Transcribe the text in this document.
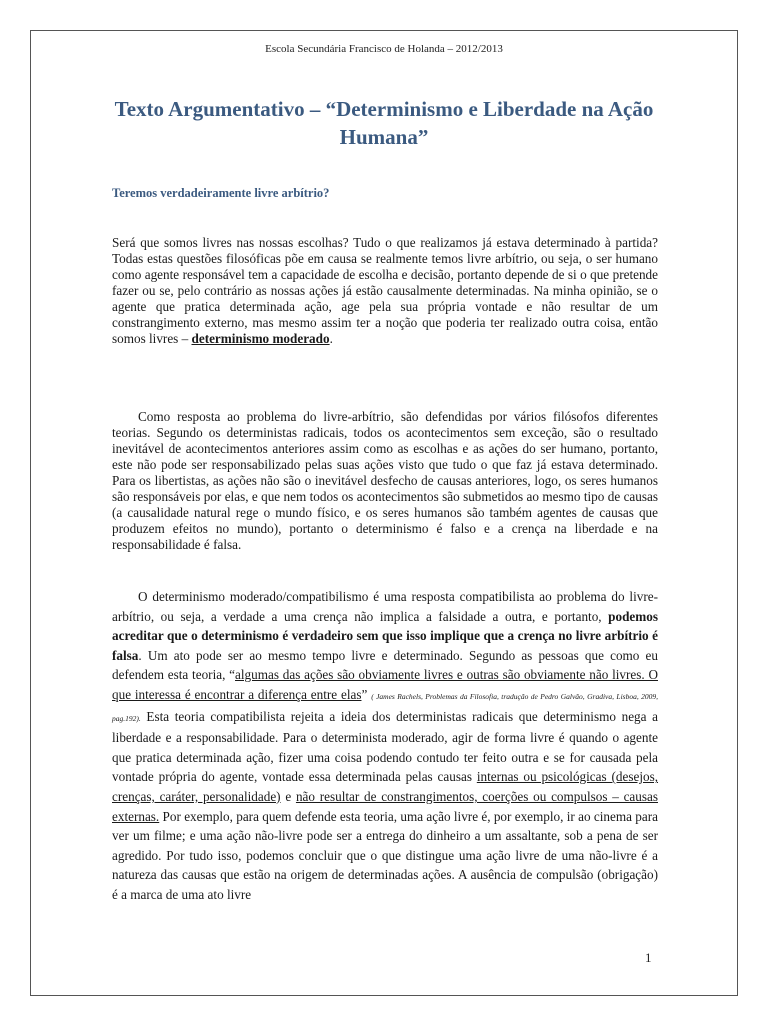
Escola Secundária Francisco de Holanda – 2012/2013
Texto Argumentativo – “Determinismo e Liberdade na Ação Humana”
Teremos verdadeiramente livre arbítrio?

Será que somos livres nas nossas escolhas? Tudo o que realizamos já estava determinado à partida? Todas estas questões filosóficas põe em causa se realmente temos livre arbítrio, ou seja, o ser humano como agente responsável tem a capacidade de escolha e decisão, portanto depende de si o que pretende fazer ou se, pelo contrário as nossas ações já estão causalmente determinadas. Na minha opinião, se o agente que pratica determinada ação, age pela sua própria vontade e não resultar de um constrangimento externo, mas mesmo assim ter a noção que poderia ter realizado outra coisa, então somos livres – determinismo moderado.

Como resposta ao problema do livre-arbítrio, são defendidas por vários filósofos diferentes teorias. Segundo os deterministas radicais, todos os acontecimentos sem exceção, são o resultado inevitável de acontecimentos anteriores assim como as escolhas e as ações do ser humano, portanto, este não pode ser responsabilizado pelas suas ações visto que tudo o que faz já estava determinado. Para os libertistas, as ações não são o inevitável desfecho de causas anteriores, logo, os seres humanos são responsáveis por elas, e que nem todos os acontecimentos são submetidos ao mesmo tipo de causas (a causalidade natural rege o mundo físico, e os seres humanos são também agentes de causas que produzem efeitos no mundo), portanto o determinismo é falso e a crença na liberdade e na responsabilidade é falsa.

O determinismo moderado/compatibilismo é uma resposta compatibilista ao problema do livre-arbítrio, ou seja, a verdade a uma crença não implica a falsidade a outra, e portanto, podemos acreditar que o determinismo é verdadeiro sem que isso implique que a crença no livre arbítrio é falsa. Um ato pode ser ao mesmo tempo livre e determinado. Segundo as pessoas que como eu defendem esta teoria, “algumas das ações são obviamente livres e outras são obviamente não livres. O que interessa é encontrar a diferença entre elas” ( James Rachels, Problemas da Filosofia, tradução de Pedro Galvão, Gradiva, Lisboa, 2009, pag.192). Esta teoria compatibilista rejeita a ideia dos deterministas radicais que determinismo nega a liberdade e a responsabilidade. Para o determinista moderado, agir de forma livre é quando o agente que pratica determinada ação, fizer uma coisa podendo contudo ter feito outra e se for causada pela vontade própria do agente, vontade essa determinada pelas causas internas ou psicológicas (desejos, crenças, caráter, personalidade) e não resultar de constrangimentos, coerções ou compulsos – causas externas. Por exemplo, para quem defende esta teoria, uma ação livre é, por exemplo, ir ao cinema para ver um filme; e uma ação não-livre pode ser a entrega do dinheiro a um assaltante, sob a pena de ser agredido. Por tudo isso, podemos concluir que o que distingue uma ação livre de uma não-livre é a natureza das causas que estão na origem de determinadas ações. A ausência de compulsão (obrigação) é a marca de uma ato livre

1
